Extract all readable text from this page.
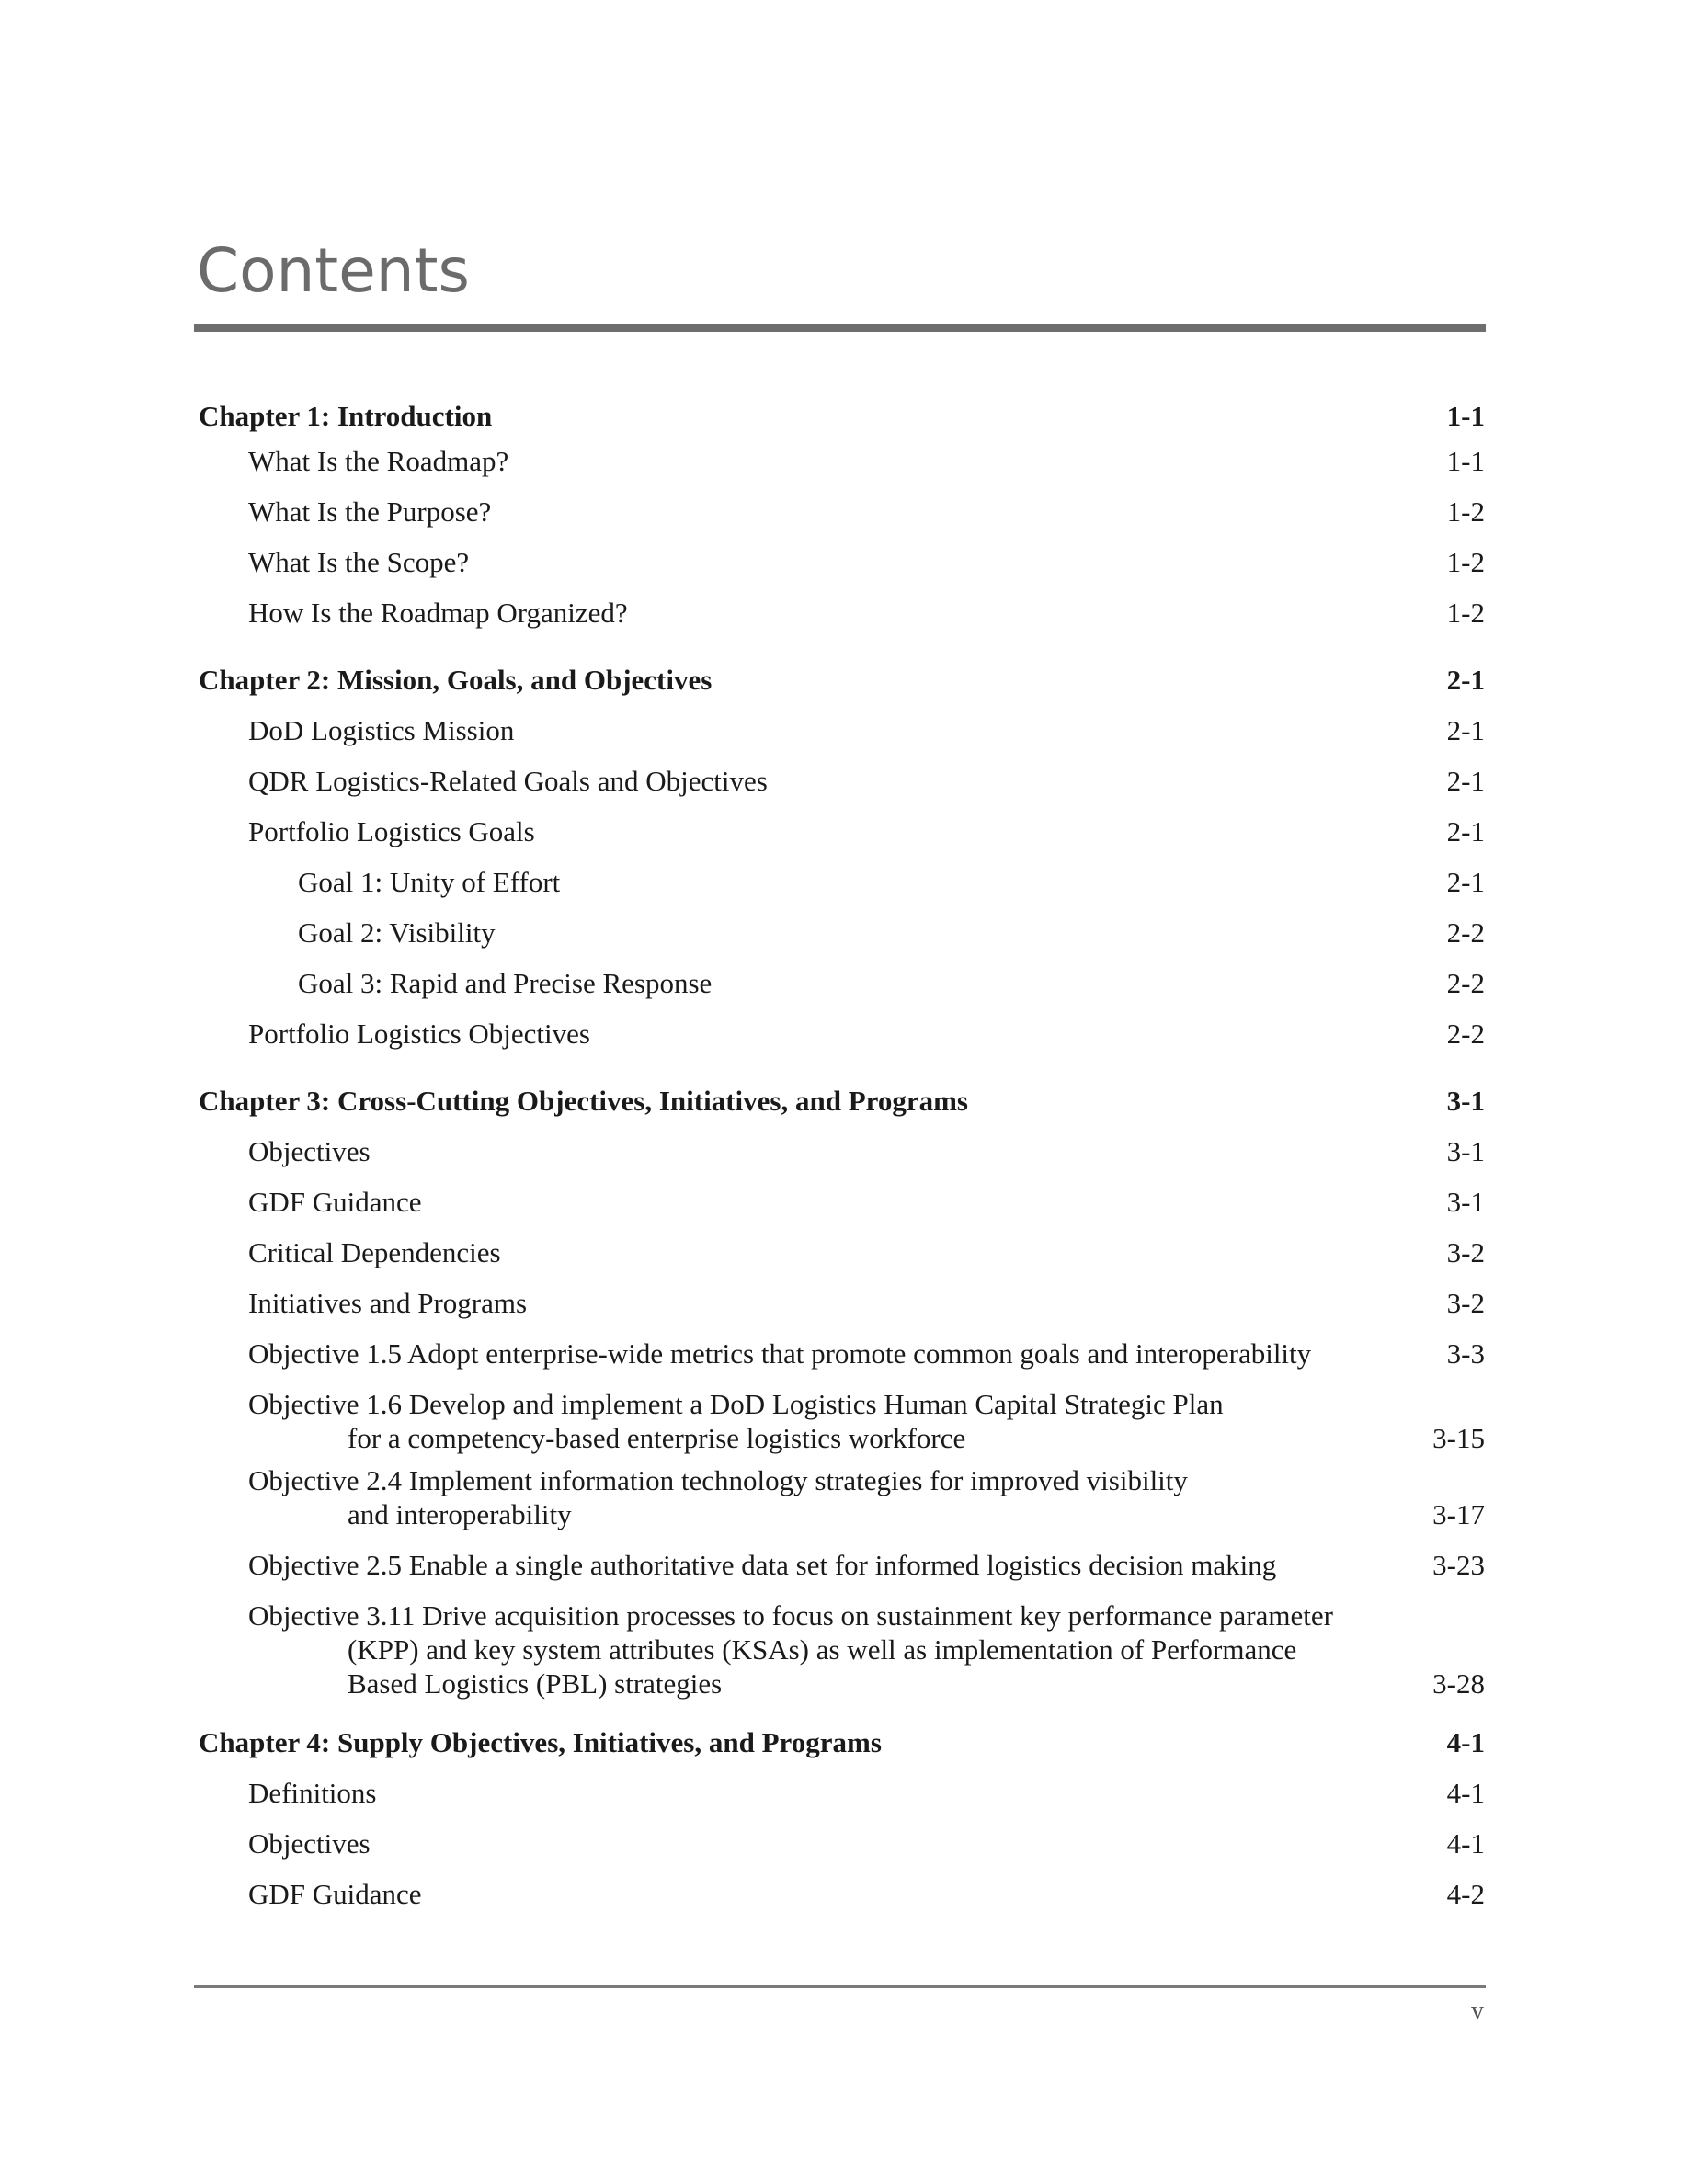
Contents
Chapter 1: Introduction	1-1
What Is the Roadmap?	1-1
What Is the Purpose?	1-2
What Is the Scope?	1-2
How Is the Roadmap Organized?	1-2
Chapter 2: Mission, Goals, and Objectives	2-1
DoD Logistics Mission	2-1
QDR Logistics-Related Goals and Objectives	2-1
Portfolio Logistics Goals	2-1
Goal 1: Unity of Effort	2-1
Goal 2: Visibility	2-2
Goal 3: Rapid and Precise Response	2-2
Portfolio Logistics Objectives	2-2
Chapter 3: Cross-Cutting Objectives, Initiatives, and Programs	3-1
Objectives	3-1
GDF Guidance	3-1
Critical Dependencies	3-2
Initiatives and Programs	3-2
Objective 1.5 Adopt enterprise-wide metrics that promote common goals and interoperability	3-3
Objective 1.6 Develop and implement a DoD Logistics Human Capital Strategic Plan
for a competency-based enterprise logistics workforce	3-15
Objective 2.4 Implement information technology strategies for improved visibility
and interoperability	3-17
Objective 2.5 Enable a single authoritative data set for informed logistics decision making	3-23
Objective 3.11 Drive acquisition processes to focus on sustainment key performance parameter
(KPP) and key system attributes (KSAs) as well as implementation of Performance
Based Logistics (PBL) strategies	3-28
Chapter 4: Supply Objectives, Initiatives, and Programs	4-1
Definitions	4-1
Objectives	4-1
GDF Guidance	4-2
v
